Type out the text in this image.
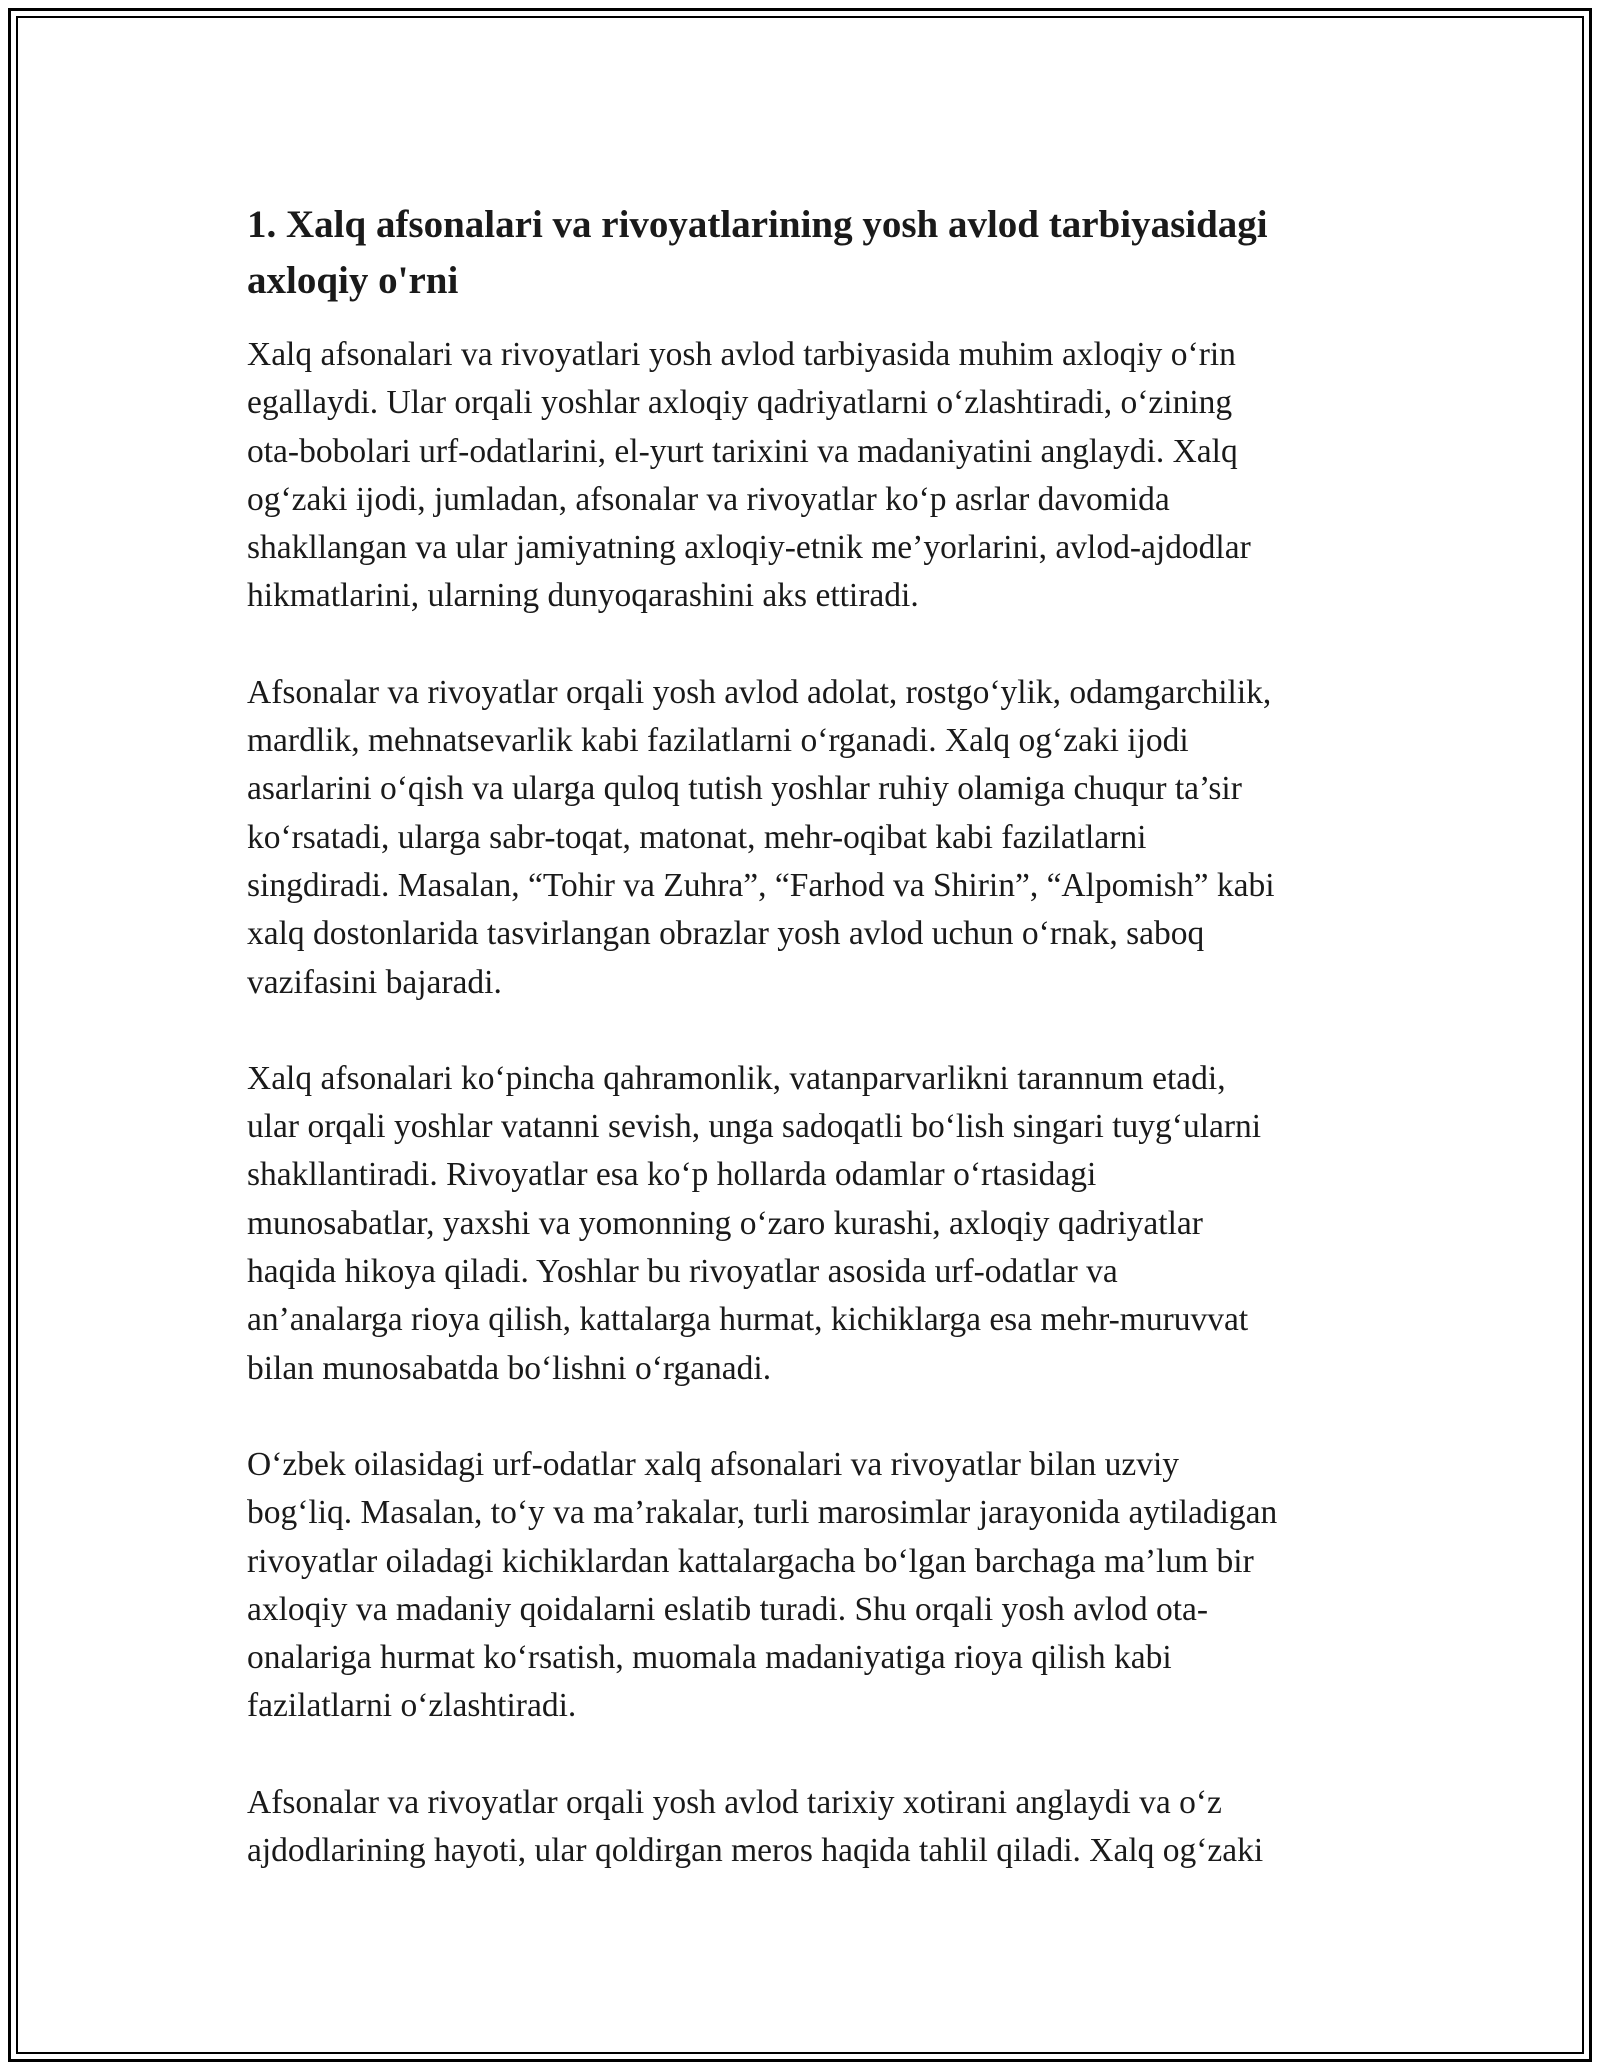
1. Xalq afsonalari va rivoyatlarining yosh avlod tarbiyasidagi
axloqiy o'rni

Xalq afsonalari va rivoyatlari yosh avlod tarbiyasida muhim axloqiy o‘rin
egallaydi. Ular orqali yoshlar axloqiy qadriyatlarni o‘zlashtiradi, o‘zining
ota-bobolari urf-odatlarini, el-yurt tarixini va madaniyatini anglaydi. Xalq
og‘zaki ijodi, jumladan, afsonalar va rivoyatlar ko‘p asrlar davomida
shakllangan va ular jamiyatning axloqiy-etnik me’yorlarini, avlod-ajdodlar
hikmatlarini, ularning dunyoqarashini aks ettiradi.

Afsonalar va rivoyatlar orqali yosh avlod adolat, rostgo‘ylik, odamgarchilik,
mardlik, mehnatsevarlik kabi fazilatlarni o‘rganadi. Xalq og‘zaki ijodi
asarlarini o‘qish va ularga quloq tutish yoshlar ruhiy olamiga chuqur ta’sir
ko‘rsatadi, ularga sabr-toqat, matonat, mehr-oqibat kabi fazilatlarni
singdiradi. Masalan, “Tohir va Zuhra”, “Farhod va Shirin”, “Alpomish” kabi
xalq dostonlarida tasvirlangan obrazlar yosh avlod uchun o‘rnak, saboq
vazifasini bajaradi.

Xalq afsonalari ko‘pincha qahramonlik, vatanparvarlikni tarannum etadi,
ular orqali yoshlar vatanni sevish, unga sadoqatli bo‘lish singari tuyg‘ularni
shakllantiradi. Rivoyatlar esa ko‘p hollarda odamlar o‘rtasidagi
munosabatlar, yaxshi va yomonning o‘zaro kurashi, axloqiy qadriyatlar
haqida hikoya qiladi. Yoshlar bu rivoyatlar asosida urf-odatlar va
an’analarga rioya qilish, kattalarga hurmat, kichiklarga esa mehr-muruvvat
bilan munosabatda bo‘lishni o‘rganadi.

O‘zbek oilasidagi urf-odatlar xalq afsonalari va rivoyatlar bilan uzviy
bog‘liq. Masalan, to‘y va ma’rakalar, turli marosimlar jarayonida aytiladigan
rivoyatlar oiladagi kichiklardan kattalargacha bo‘lgan barchaga ma’lum bir
axloqiy va madaniy qoidalarni eslatib turadi. Shu orqali yosh avlod ota-
onalariga hurmat ko‘rsatish, muomala madaniyatiga rioya qilish kabi
fazilatlarni o‘zlashtiradi.

Afsonalar va rivoyatlar orqali yosh avlod tarixiy xotirani anglaydi va o‘z
ajdodlarining hayoti, ular qoldirgan meros haqida tahlil qiladi. Xalq og‘zaki
